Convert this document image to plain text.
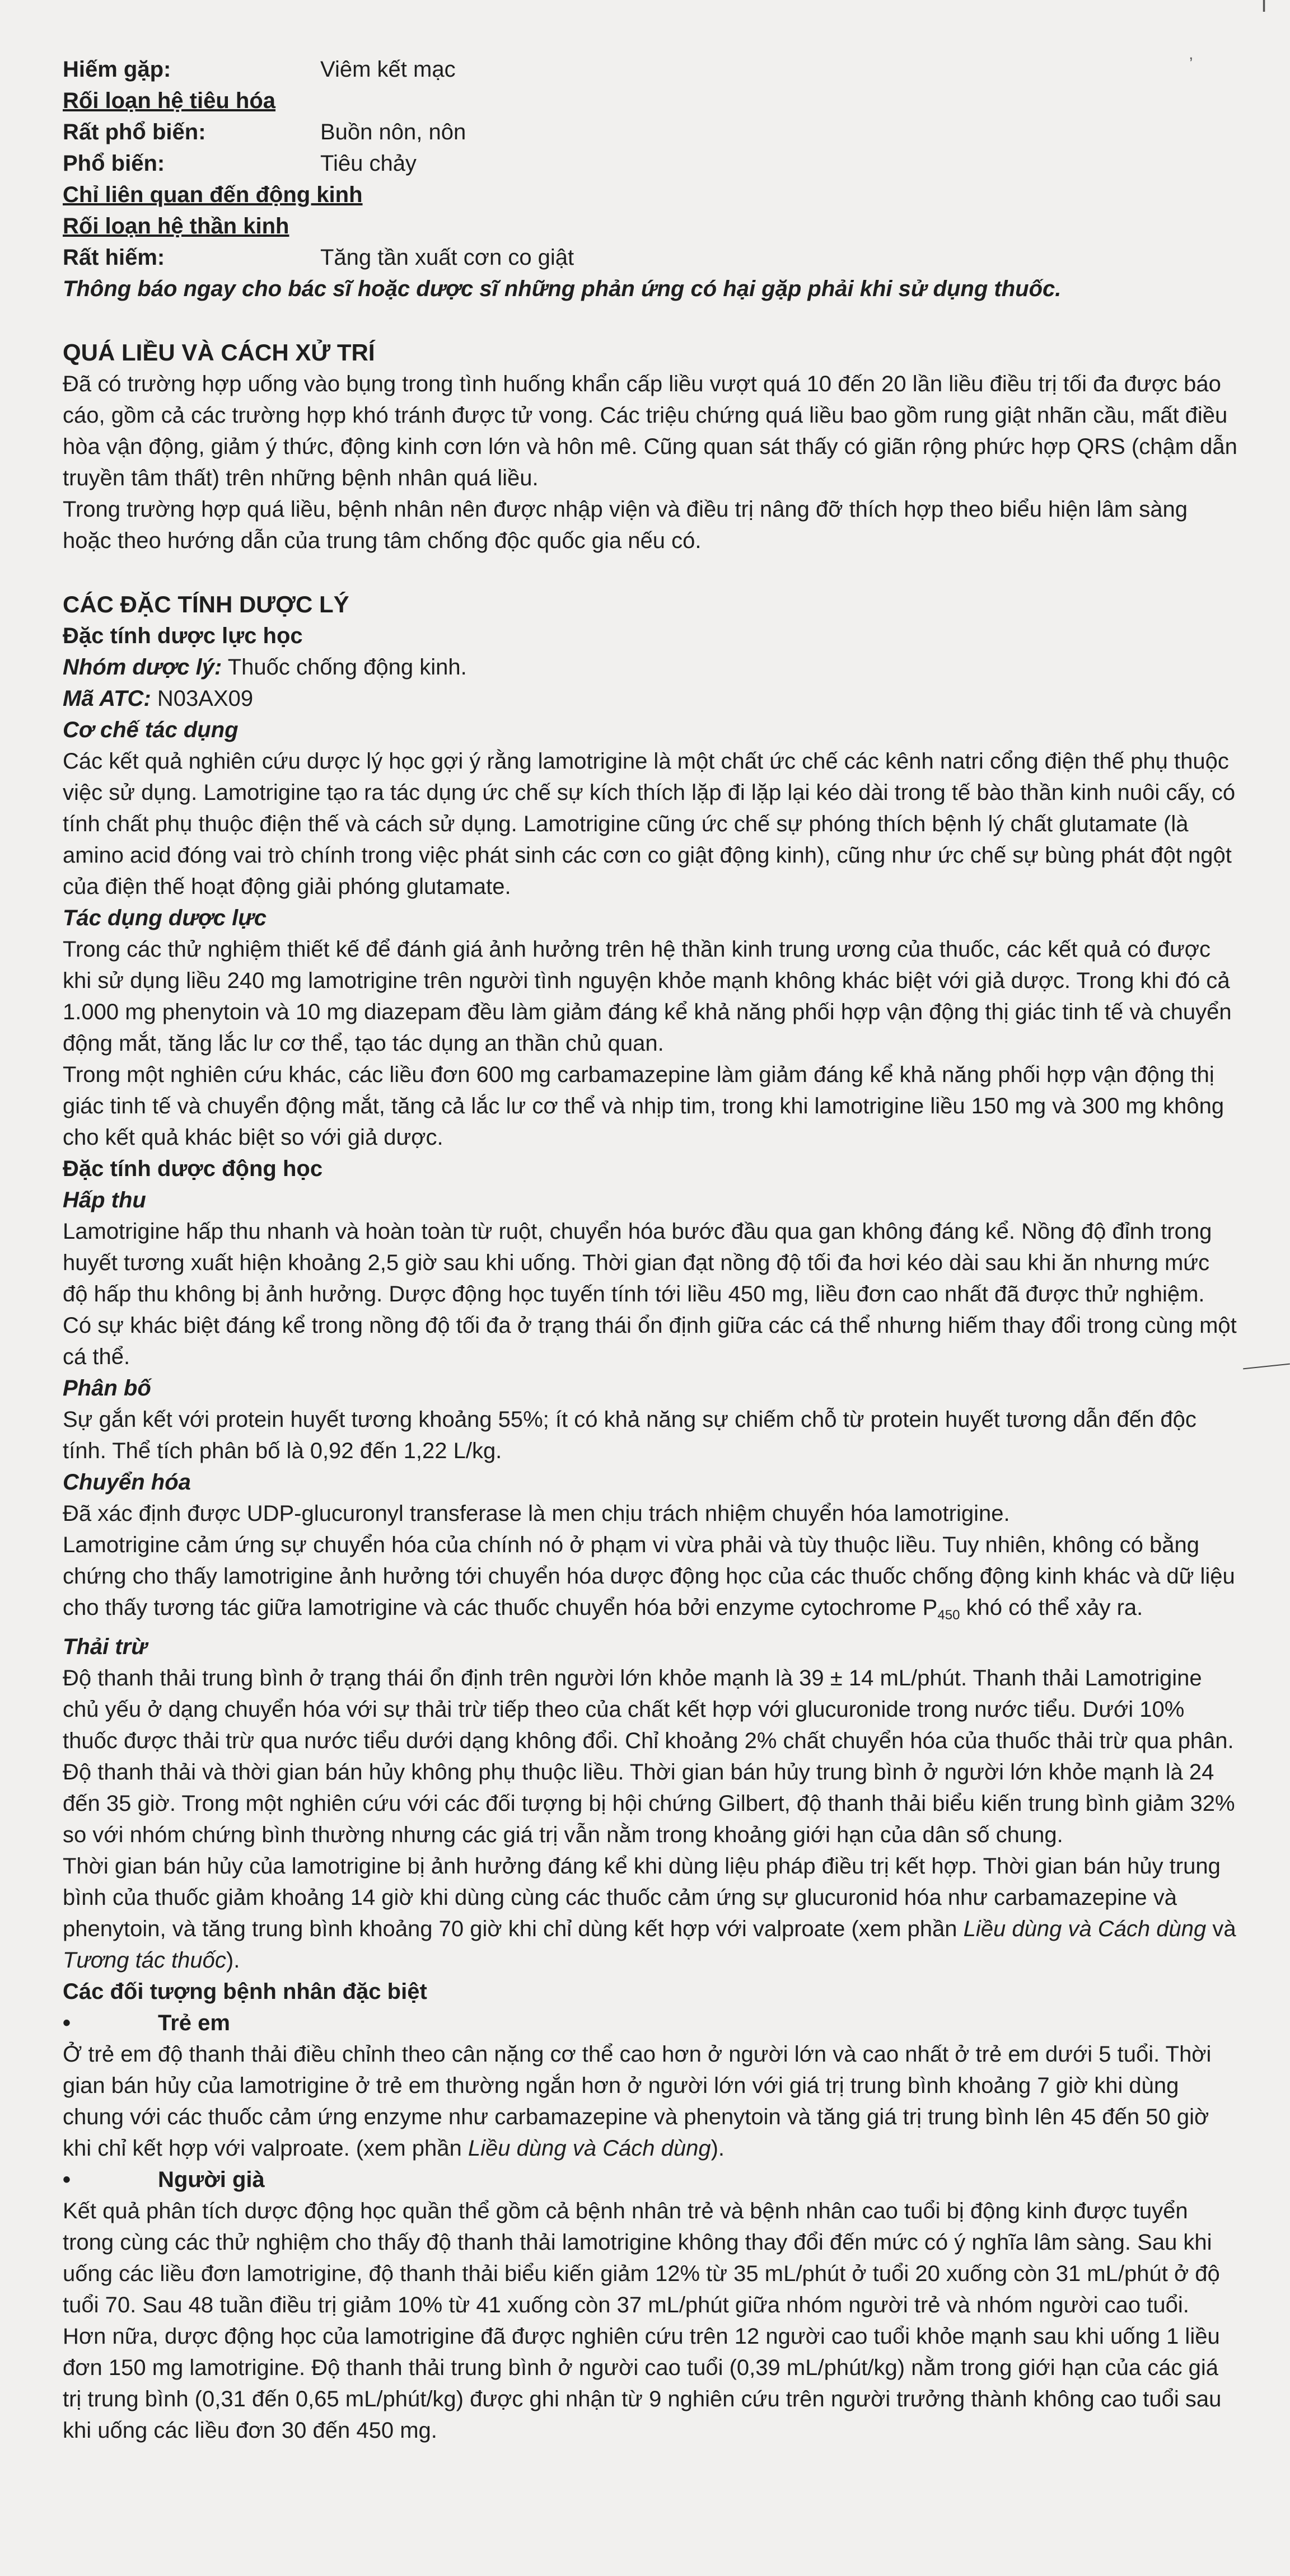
ı
ʼ
Hiếm gặp:	Viêm kết mạc
Rối loạn hệ tiêu hóa
Rất phổ biến:	Buồn nôn, nôn
Phổ biến:	Tiêu chảy
Chỉ liên quan đến động kinh
Rối loạn hệ thần kinh
Rất hiếm:	Tăng tần xuất cơn co giật
Thông báo ngay cho bác sĩ hoặc dược sĩ những phản ứng có hại gặp phải khi sử dụng thuốc.
QUÁ LIỀU VÀ CÁCH XỬ TRÍ

Đã có trường hợp uống vào bụng trong tình huống khẩn cấp liều vượt quá 10 đến 20 lần liều điều trị tối đa được báo cáo, gồm cả các trường hợp khó tránh được tử vong. Các triệu chứng quá liều bao gồm rung giật nhãn cầu, mất điều hòa vận động, giảm ý thức, động kinh cơn lớn và hôn mê. Cũng quan sát thấy có giãn rộng phức hợp QRS (chậm dẫn truyền tâm thất) trên những bệnh nhân quá liều.

Trong trường hợp quá liều, bệnh nhân nên được nhập viện và điều trị nâng đỡ thích hợp theo biểu hiện lâm sàng hoặc theo hướng dẫn của trung tâm chống độc quốc gia nếu có.

CÁC ĐẶC TÍNH DƯỢC LÝ
Đặc tính dược lực học

Nhóm dược lý: Thuốc chống động kinh.

Mã ATC: N03AX09

Cơ chế tác dụng

Các kết quả nghiên cứu dược lý học gợi ý rằng lamotrigine là một chất ức chế các kênh natri cổng điện thế phụ thuộc việc sử dụng. Lamotrigine tạo ra tác dụng ức chế sự kích thích lặp đi lặp lại kéo dài trong tế bào thần kinh nuôi cấy, có tính chất phụ thuộc điện thế và cách sử dụng. Lamotrigine cũng ức chế sự phóng thích bệnh lý chất glutamate (là amino acid đóng vai trò chính trong việc phát sinh các cơn co giật động kinh), cũng như ức chế sự bùng phát đột ngột của điện thế hoạt động giải phóng glutamate.

Tác dụng dược lực

Trong các thử nghiệm thiết kế để đánh giá ảnh hưởng trên hệ thần kinh trung ương của thuốc, các kết quả có được khi sử dụng liều 240 mg lamotrigine trên người tình nguyện khỏe mạnh không khác biệt với giả dược. Trong khi đó cả 1.000 mg phenytoin và 10 mg diazepam đều làm giảm đáng kể khả năng phối hợp vận động thị giác tinh tế và chuyển động mắt, tăng lắc lư cơ thể, tạo tác dụng an thần chủ quan.

Trong một nghiên cứu khác, các liều đơn 600 mg carbamazepine làm giảm đáng kể khả năng phối hợp vận động thị giác tinh tế và chuyển động mắt, tăng cả lắc lư cơ thể và nhịp tim, trong khi lamotrigine liều 150 mg và 300 mg không cho kết quả khác biệt so với giả dược.

Đặc tính dược động học
Hấp thu

Lamotrigine hấp thu nhanh và hoàn toàn từ ruột, chuyển hóa bước đầu qua gan không đáng kể. Nồng độ đỉnh trong huyết tương xuất hiện khoảng 2,5 giờ sau khi uống. Thời gian đạt nồng độ tối đa hơi kéo dài sau khi ăn nhưng mức độ hấp thu không bị ảnh hưởng. Dược động học tuyến tính tới liều 450 mg, liều đơn cao nhất đã được thử nghiệm. Có sự khác biệt đáng kể trong nồng độ tối đa ở trạng thái ổn định giữa các cá thể nhưng hiếm thay đổi trong cùng một cá thể.

Phân bố

Sự gắn kết với protein huyết tương khoảng 55%; ít có khả năng sự chiếm chỗ từ protein huyết tương dẫn đến độc tính. Thể tích phân bố là 0,92 đến 1,22 L/kg.

Chuyển hóa

Đã xác định được UDP-glucuronyl transferase là men chịu trách nhiệm chuyển hóa lamotrigine.

Lamotrigine cảm ứng sự chuyển hóa của chính nó ở phạm vi vừa phải và tùy thuộc liều. Tuy nhiên, không có bằng chứng cho thấy lamotrigine ảnh hưởng tới chuyển hóa dược động học của các thuốc chống động kinh khác và dữ liệu cho thấy tương tác giữa lamotrigine và các thuốc chuyển hóa bởi enzyme cytochrome $P_{450}$ khó có thể xảy ra.

Thải trừ

Độ thanh thải trung bình ở trạng thái ổn định trên người lớn khỏe mạnh là 39 ± 14 mL/phút. Thanh thải Lamotrigine chủ yếu ở dạng chuyển hóa với sự thải trừ tiếp theo của chất kết hợp với glucuronide trong nước tiểu. Dưới 10% thuốc được thải trừ qua nước tiểu dưới dạng không đổi. Chỉ khoảng 2% chất chuyển hóa của thuốc thải trừ qua phân. Độ thanh thải và thời gian bán hủy không phụ thuộc liều. Thời gian bán hủy trung bình ở người lớn khỏe mạnh là 24 đến 35 giờ. Trong một nghiên cứu với các đối tượng bị hội chứng Gilbert, độ thanh thải biểu kiến trung bình giảm 32% so với nhóm chứng bình thường nhưng các giá trị vẫn nằm trong khoảng giới hạn của dân số chung.

Thời gian bán hủy của lamotrigine bị ảnh hưởng đáng kể khi dùng liệu pháp điều trị kết hợp. Thời gian bán hủy trung bình của thuốc giảm khoảng 14 giờ khi dùng cùng các thuốc cảm ứng sự glucuronid hóa như carbamazepine và phenytoin, và tăng trung bình khoảng 70 giờ khi chỉ dùng kết hợp với valproate (xem phần Liều dùng và Cách dùng và Tương tác thuốc).

Các đối tượng bệnh nhân đặc biệt
•	Trẻ em

Ở trẻ em độ thanh thải điều chỉnh theo cân nặng cơ thể cao hơn ở người lớn và cao nhất ở trẻ em dưới 5 tuổi. Thời gian bán hủy của lamotrigine ở trẻ em thường ngắn hơn ở người lớn với giá trị trung bình khoảng 7 giờ khi dùng chung với các thuốc cảm ứng enzyme như carbamazepine và phenytoin và tăng giá trị trung bình lên 45 đến 50 giờ khi chỉ kết hợp với valproate. (xem phần Liều dùng và Cách dùng).

•	Người già

Kết quả phân tích dược động học quần thể gồm cả bệnh nhân trẻ và bệnh nhân cao tuổi bị động kinh được tuyển trong cùng các thử nghiệm cho thấy độ thanh thải lamotrigine không thay đổi đến mức có ý nghĩa lâm sàng. Sau khi uống các liều đơn lamotrigine, độ thanh thải biểu kiến giảm 12% từ 35 mL/phút ở tuổi 20 xuống còn 31 mL/phút ở độ tuổi 70. Sau 48 tuần điều trị giảm 10% từ 41 xuống còn 37 mL/phút giữa nhóm người trẻ và nhóm người cao tuổi. Hơn nữa, dược động học của lamotrigine đã được nghiên cứu trên 12 người cao tuổi khỏe mạnh sau khi uống 1 liều đơn 150 mg lamotrigine. Độ thanh thải trung bình ở người cao tuổi (0,39 mL/phút/kg) nằm trong giới hạn của các giá trị trung bình (0,31 đến 0,65 mL/phút/kg) được ghi nhận từ 9 nghiên cứu trên người trưởng thành không cao tuổi sau khi uống các liều đơn 30 đến 450 mg.
